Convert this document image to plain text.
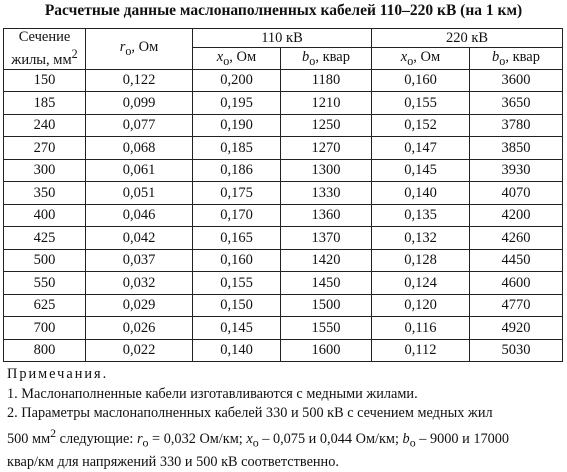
Расчетные данные маслонаполненных кабелей 110–220 кВ (на 1 км)
Сечение
жилы, $мм^2$	$r_о$, Ом	110 кВ		220 кВ	
		$x_о$, Ом	$b_о$, квар	$x_о$, Ом	$b_о$, квар
150	0,122	0,200	1180	0,160	3600
185	0,099	0,195	1210	0,155	3650
240	0,077	0,190	1250	0,152	3780
270	0,068	0,185	1270	0,147	3850
300	0,061	0,186	1300	0,145	3930
350	0,051	0,175	1330	0,140	4070
400	0,046	0,170	1360	0,135	4200
425	0,042	0,165	1370	0,132	4260
500	0,037	0,160	1420	0,128	4450
550	0,032	0,155	1450	0,124	4600
625	0,029	0,150	1500	0,120	4770
700	0,026	0,145	1550	0,116	4920
800	0,022	0,140	1600	0,112	5030
Примечания.
1. Маслонаполненные кабели изготавливаются с медными жилами.
2. Параметры маслонаполненных кабелей 330 и 500 кВ с сечением медных жил
500 $мм^2$ следующие: $r_о = 0,032$ Ом/км; $x_о - 0,075$ и 0,044 Ом/км; $b_о - 9000$ и 17000
квар/км для напряжений 330 и 500 кВ соответственно.
